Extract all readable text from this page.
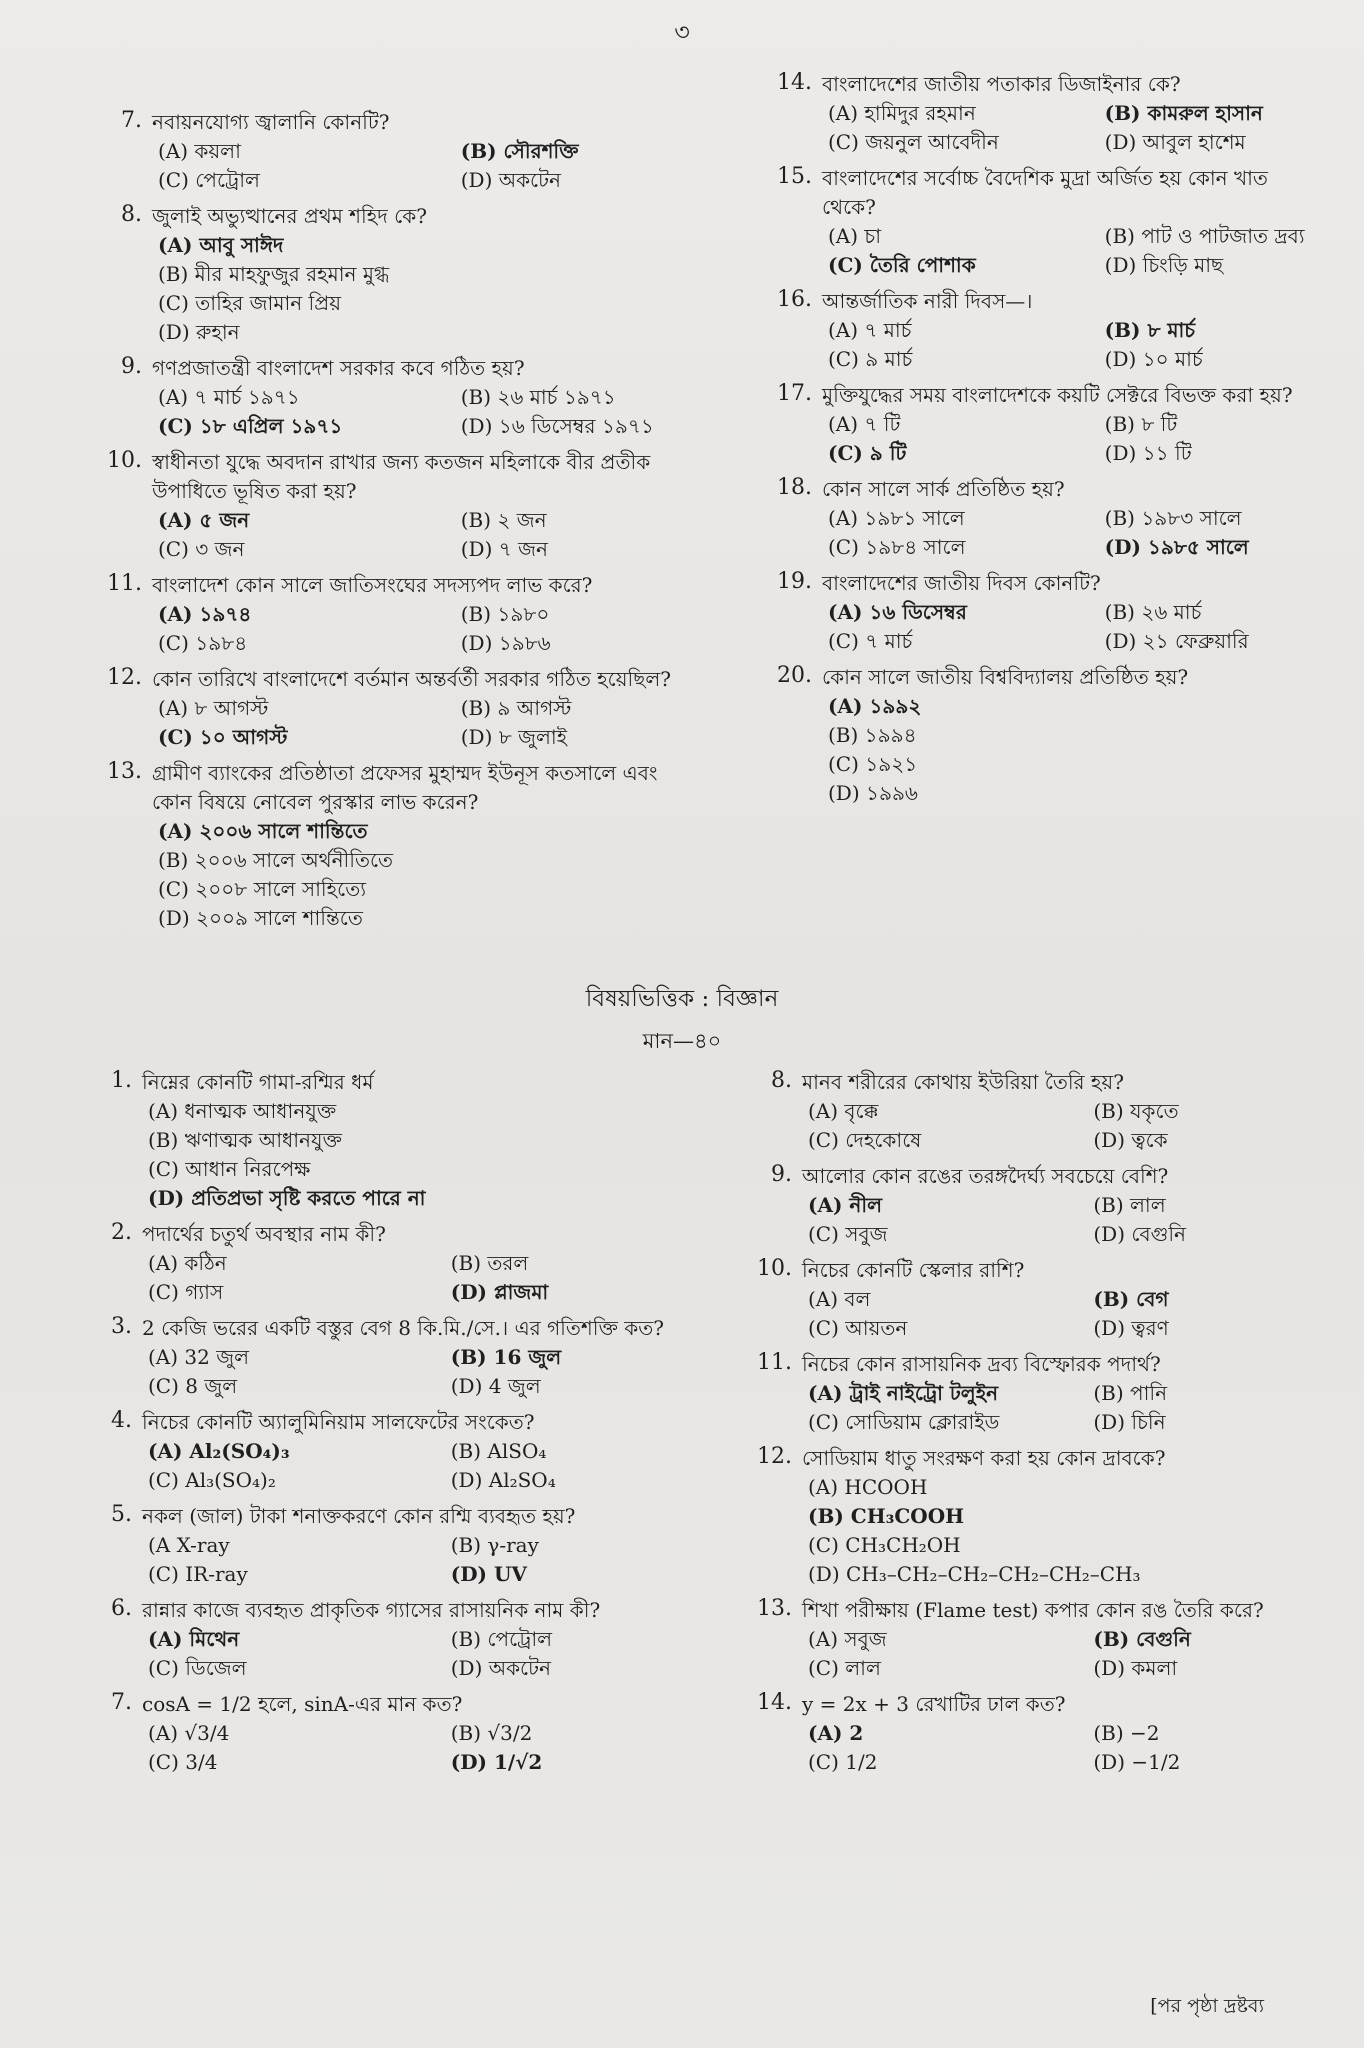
৩
7. নবায়নযোগ্য জ্বালানি কোনটি?
(A) কয়লা	(B) সৌরশক্তি
(C) পেট্রোল	(D) অকটেন
8. জুলাই অভ্যুত্থানের প্রথম শহিদ কে?
(A) আবু সাঈদ
(B) মীর মাহফুজুর রহমান মুগ্ধ
(C) তাহির জামান প্রিয়
(D) রুহান
9. গণপ্রজাতন্ত্রী বাংলাদেশ সরকার কবে গঠিত হয়?
(A) ৭ মার্চ ১৯৭১	(B) ২৬ মার্চ ১৯৭১
(C) ১৮ এপ্রিল ১৯৭১	(D) ১৬ ডিসেম্বর ১৯৭১
10. স্বাধীনতা যুদ্ধে অবদান রাখার জন্য কতজন মহিলাকে বীর প্রতীক উপাধিতে ভূষিত করা হয়?
(A) ৫ জন	(B) ২ জন
(C) ৩ জন	(D) ৭ জন
11. বাংলাদেশ কোন সালে জাতিসংঘের সদস্যপদ লাভ করে?
(A) ১৯৭৪	(B) ১৯৮০
(C) ১৯৮৪	(D) ১৯৮৬
12. কোন তারিখে বাংলাদেশে বর্তমান অন্তর্বর্তী সরকার গঠিত হয়েছিল?
(A) ৮ আগস্ট	(B) ৯ আগস্ট
(C) ১০ আগস্ট	(D) ৮ জুলাই
13. গ্রামীণ ব্যাংকের প্রতিষ্ঠাতা প্রফেসর মুহাম্মদ ইউনূস কতসালে এবং কোন বিষয়ে নোবেল পুরস্কার লাভ করেন?
(A) ২০০৬ সালে শান্তিতে
(B) ২০০৬ সালে অর্থনীতিতে
(C) ২০০৮ সালে সাহিত্যে
(D) ২০০৯ সালে শান্তিতে
14. বাংলাদেশের জাতীয় পতাকার ডিজাইনার কে?
(A) হামিদুর রহমান	(B) কামরুল হাসান
(C) জয়নুল আবেদীন	(D) আবুল হাশেম
15. বাংলাদেশের সর্বোচ্চ বৈদেশিক মুদ্রা অর্জিত হয় কোন খাত থেকে?
(A) চা	(B) পাট ও পাটজাত দ্রব্য
(C) তৈরি পোশাক	(D) চিংড়ি মাছ
16. আন্তর্জাতিক নারী দিবস—।
(A) ৭ মার্চ	(B) ৮ মার্চ
(C) ৯ মার্চ	(D) ১০ মার্চ
17. মুক্তিযুদ্ধের সময় বাংলাদেশকে কয়টি সেক্টরে বিভক্ত করা হয়?
(A) ৭ টি	(B) ৮ টি
(C) ৯ টি	(D) ১১ টি
18. কোন সালে সার্ক প্রতিষ্ঠিত হয়?
(A) ১৯৮১ সালে	(B) ১৯৮৩ সালে
(C) ১৯৮৪ সালে	(D) ১৯৮৫ সালে
19. বাংলাদেশের জাতীয় দিবস কোনটি?
(A) ১৬ ডিসেম্বর	(B) ২৬ মার্চ
(C) ৭ মার্চ	(D) ২১ ফেব্রুয়ারি
20. কোন সালে জাতীয় বিশ্ববিদ্যালয় প্রতিষ্ঠিত হয়?
(A) ১৯৯২
(B) ১৯৯৪
(C) ১৯২১
(D) ১৯৯৬
বিষয়ভিত্তিক : বিজ্ঞান
মান—৪০
1. নিম্নের কোনটি গামা-রশ্মির ধর্ম
(A) ধনাত্মক আধানযুক্ত
(B) ঋণাত্মক আধানযুক্ত
(C) আধান নিরপেক্ষ
(D) প্রতিপ্রভা সৃষ্টি করতে পারে না
2. পদার্থের চতুর্থ অবস্থার নাম কী?
(A) কঠিন	(B) তরল
(C) গ্যাস	(D) প্লাজমা
3. 2 কেজি ভরের একটি বস্তুর বেগ 8 কি.মি./সে.। এর গতিশক্তি কত?
(A) 32 জুল	(B) 16 জুল
(C) 8 জুল	(D) 4 জুল
4. নিচের কোনটি অ্যালুমিনিয়াম সালফেটের সংকেত?
(A) Al₂(SO₄)₃	(B) AlSO₄
(C) Al₃(SO₄)₂	(D) Al₂SO₄
5. নকল (জাল) টাকা শনাক্তকরণে কোন রশ্মি ব্যবহৃত হয়?
(A X-ray	(B) γ-ray
(C) IR-ray	(D) UV
6. রান্নার কাজে ব্যবহৃত প্রাকৃতিক গ্যাসের রাসায়নিক নাম কী?
(A) মিথেন	(B) পেট্রোল
(C) ডিজেল	(D) অকটেন
7. cosA = 1/2 হলে, sinA-এর মান কত?
(A) √3/4	(B) √3/2
(C) 3/4	(D) 1/√2
8. মানব শরীরের কোথায় ইউরিয়া তৈরি হয়?
(A) বৃক্কে	(B) যকৃতে
(C) দেহকোষে	(D) ত্বকে
9. আলোর কোন রঙের তরঙ্গদৈর্ঘ্য সবচেয়ে বেশি?
(A) নীল	(B) লাল
(C) সবুজ	(D) বেগুনি
10. নিচের কোনটি স্কেলার রাশি?
(A) বল	(B) বেগ
(C) আয়তন	(D) ত্বরণ
11. নিচের কোন রাসায়নিক দ্রব্য বিস্ফোরক পদার্থ?
(A) ট্রাই নাইট্রো টলুইন	(B) পানি
(C) সোডিয়াম ক্লোরাইড	(D) চিনি
12. সোডিয়াম ধাতু সংরক্ষণ করা হয় কোন দ্রাবকে?
(A) HCOOH
(B) CH₃COOH
(C) CH₃CH₂OH
(D) CH₃–CH₂–CH₂–CH₂–CH₂–CH₃
13. শিখা পরীক্ষায় (Flame test) কপার কোন রঙ তৈরি করে?
(A) সবুজ	(B) বেগুনি
(C) লাল	(D) কমলা
14. y = 2x + 3 রেখাটির ঢাল কত?
(A) 2	(B) −2
(C) 1/2	(D) −1/2
[পর পৃষ্ঠা দ্রষ্টব্য
